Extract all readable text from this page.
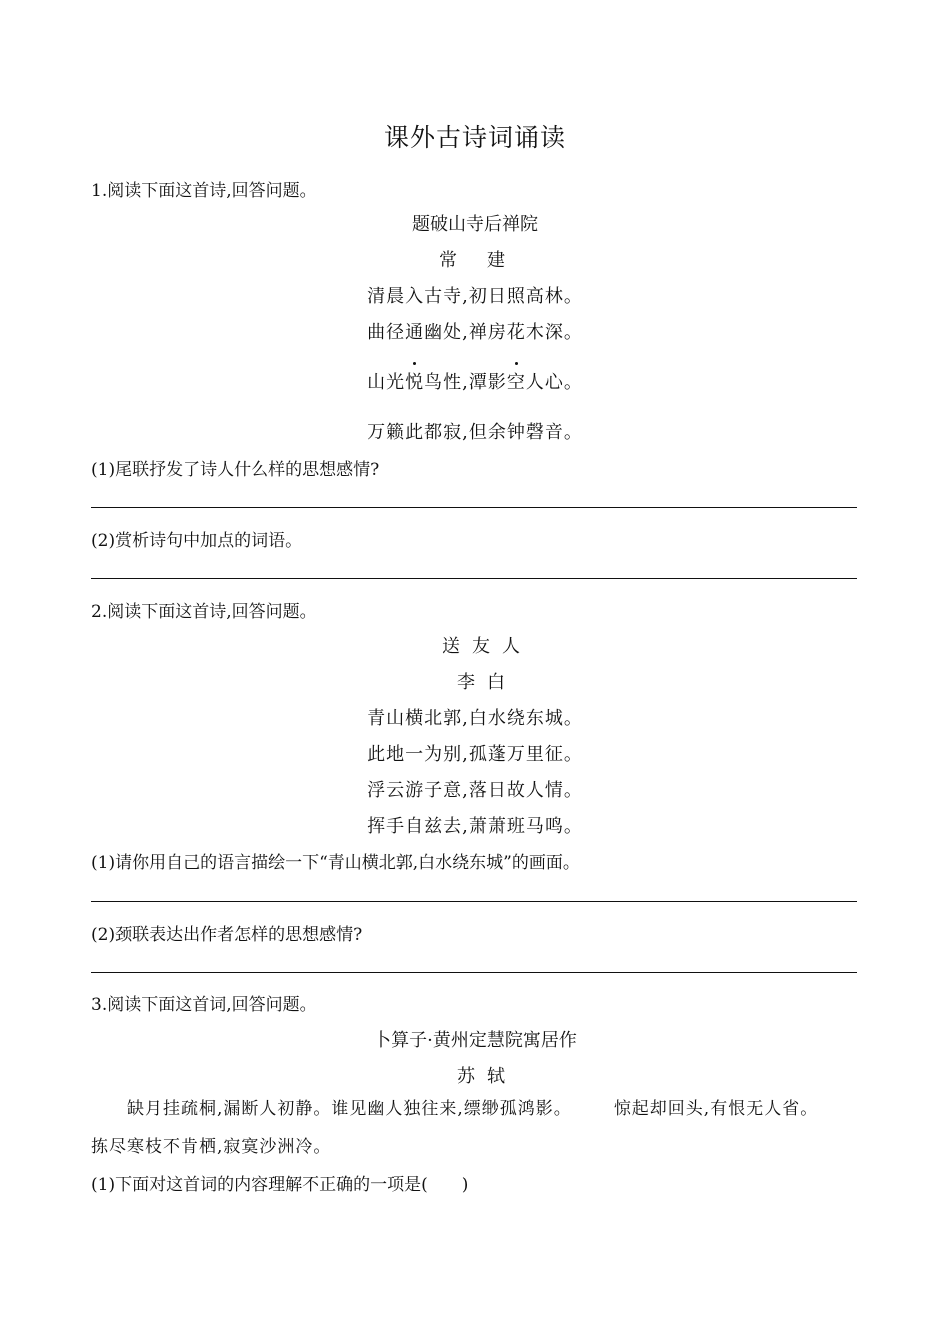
课外古诗词诵读
1.阅读下面这首诗,回答问题。
题破山寺后禅院
常　建
清晨入古寺,初日照高林。
曲径通幽处,禅房花木深。
山光悦鸟性,潭影空人心。
万籁此都寂,但余钟磬音。
(1)尾联抒发了诗人什么样的思想感情?
(2)赏析诗句中加点的词语。
2.阅读下面这首诗,回答问题。
送友人
李白
青山横北郭,白水绕东城。
此地一为别,孤蓬万里征。
浮云游子意,落日故人情。
挥手自兹去,萧萧班马鸣。
(1)请你用自己的语言描绘一下“青山横北郭,白水绕东城”的画面。
(2)颈联表达出作者怎样的思想感情?
3.阅读下面这首词,回答问题。
卜算子·黄州定慧院寓居作
苏轼
缺月挂疏桐,漏断人初静。谁见幽人独往来,缥缈孤鸿影。 惊起却回头,有恨无人省。
拣尽寒枝不肯栖,寂寞沙洲冷。
(1)下面对这首词的内容理解不正确的一项是(　　)
